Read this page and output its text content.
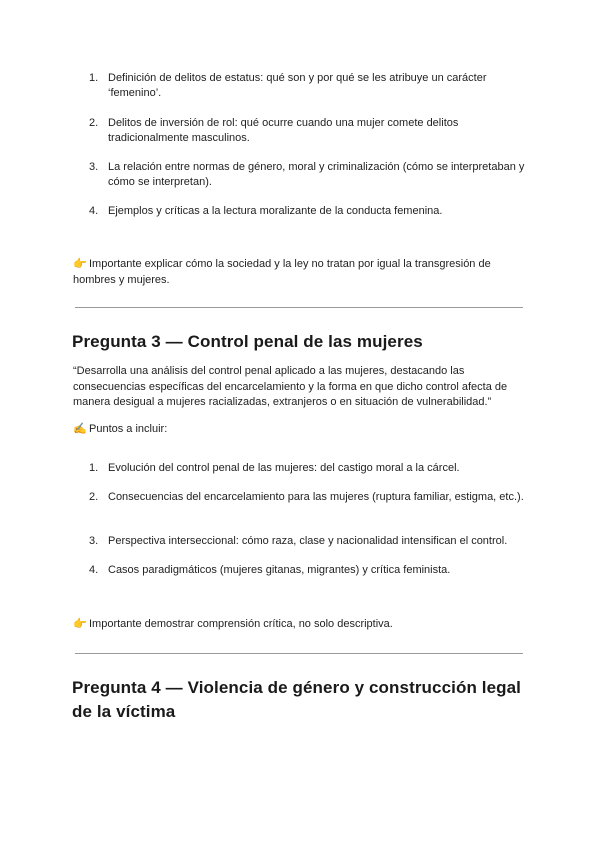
1. Definición de delitos de estatus: qué son y por qué se les atribuye un carácter ‘femenino’.
2. Delitos de inversión de rol: qué ocurre cuando una mujer comete delitos tradicionalmente masculinos.
3. La relación entre normas de género, moral y criminalización (cómo se interpretaban y cómo se interpretan).
4. Ejemplos y críticas a la lectura moralizante de la conducta femenina.
👉 Importante explicar cómo la sociedad y la ley no tratan por igual la transgresión de hombres y mujeres.
Pregunta 3 — Control penal de las mujeres
“Desarrolla una análisis del control penal aplicado a las mujeres, destacando las consecuencias específicas del encarcelamiento y la forma en que dicho control afecta de manera desigual a mujeres racializadas, extranjeros o en situación de vulnerabilidad.”
✍ Puntos a incluir:
1. Evolución del control penal de las mujeres: del castigo moral a la cárcel.
2. Consecuencias del encarcelamiento para las mujeres (ruptura familiar, estigma, etc.).
3. Perspectiva interseccional: cómo raza, clase y nacionalidad intensifican el control.
4. Casos paradigmáticos (mujeres gitanas, migrantes) y crítica feminista.
👉 Importante demostrar comprensión crítica, no solo descriptiva.
Pregunta 4 — Violencia de género y construcción legal de la víctima
